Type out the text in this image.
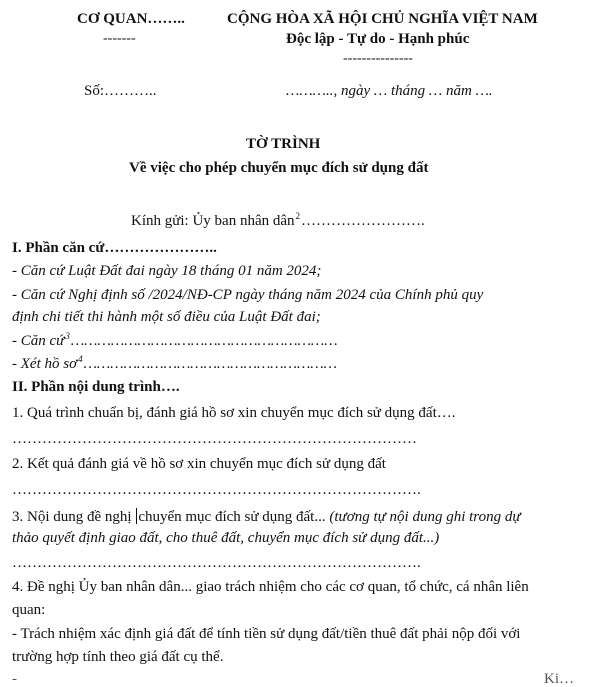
CƠ QUAN……..
-------
CỘNG HÒA XÃ HỘI CHỦ NGHĨA VIỆT NAM
Độc lập - Tự do - Hạnh phúc
---------------
Số:………..	……….., ngày … tháng … năm ….
TỜ TRÌNH
Về việc cho phép chuyển mục đích sử dụng đất
Kính gửi: Ủy ban nhân dân$^2$…………………….
I. Phần căn cứ…………………..
- Căn cứ Luật Đất đai ngày 18 tháng 01 năm 2024;
- Căn cứ Nghị định số /2024/NĐ-CP ngày tháng năm 2024 của Chính phủ quy
định chi tiết thi hành một số điều của Luật Đất đai;
- Căn cứ$^3$……………………………………………………
- Xét hồ $sơ^4\dots\dots\dots\dots\dots\dots\dots\dots\dots\dots\dots\dots\dots\dots\dots\dots\dots\dots\dots$
II. Phần nội dung trình….
1. Quá trình chuẩn bị, đánh giá hồ sơ xin chuyển mục đích sử dụng đất….
………………………………………………………………………
2. Kết quả đánh giá về hồ sơ xin chuyển mục đích sử dụng đất
……………………………………………………………………….
3. Nội dung đề nghị chuyển mục đích sử dụng đất... (tương tự nội dung ghi trong dự
thảo quyết định giao đất, cho thuê đất, chuyển mục đích sử dụng đất...)
……………………………………………………………………….
4. Đề nghị Ủy ban nhân dân... giao trách nhiệm cho các cơ quan, tổ chức, cá nhân liên
quan:
- Trách nhiệm xác định giá đất để tính tiền sử dụng đất/tiền thuê đất phải nộp đối với
trường hợp tính theo giá đất cụ thể.
-	Ki…
